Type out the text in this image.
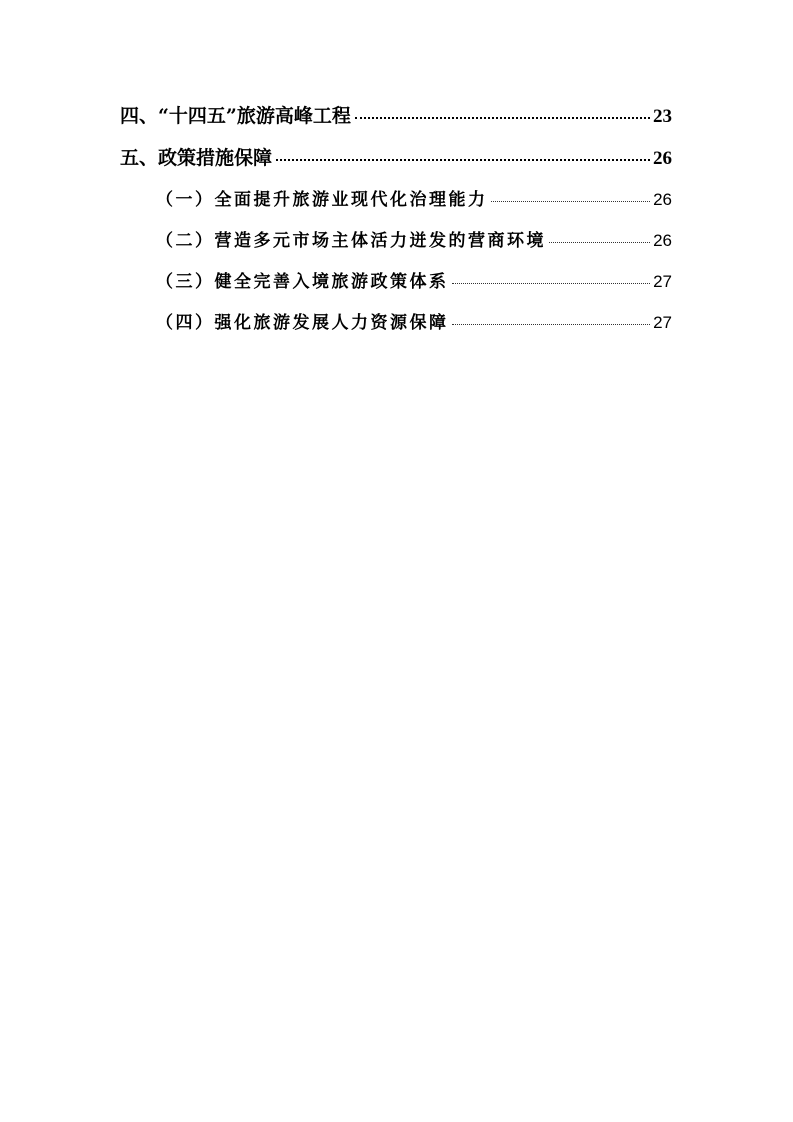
四、“十四五”旅游高峰工程	23
五、政策措施保障	26
（一）全面提升旅游业现代化治理能力	26
（二）营造多元市场主体活力迸发的营商环境	26
（三）健全完善入境旅游政策体系	27
（四）强化旅游发展人力资源保障	27
